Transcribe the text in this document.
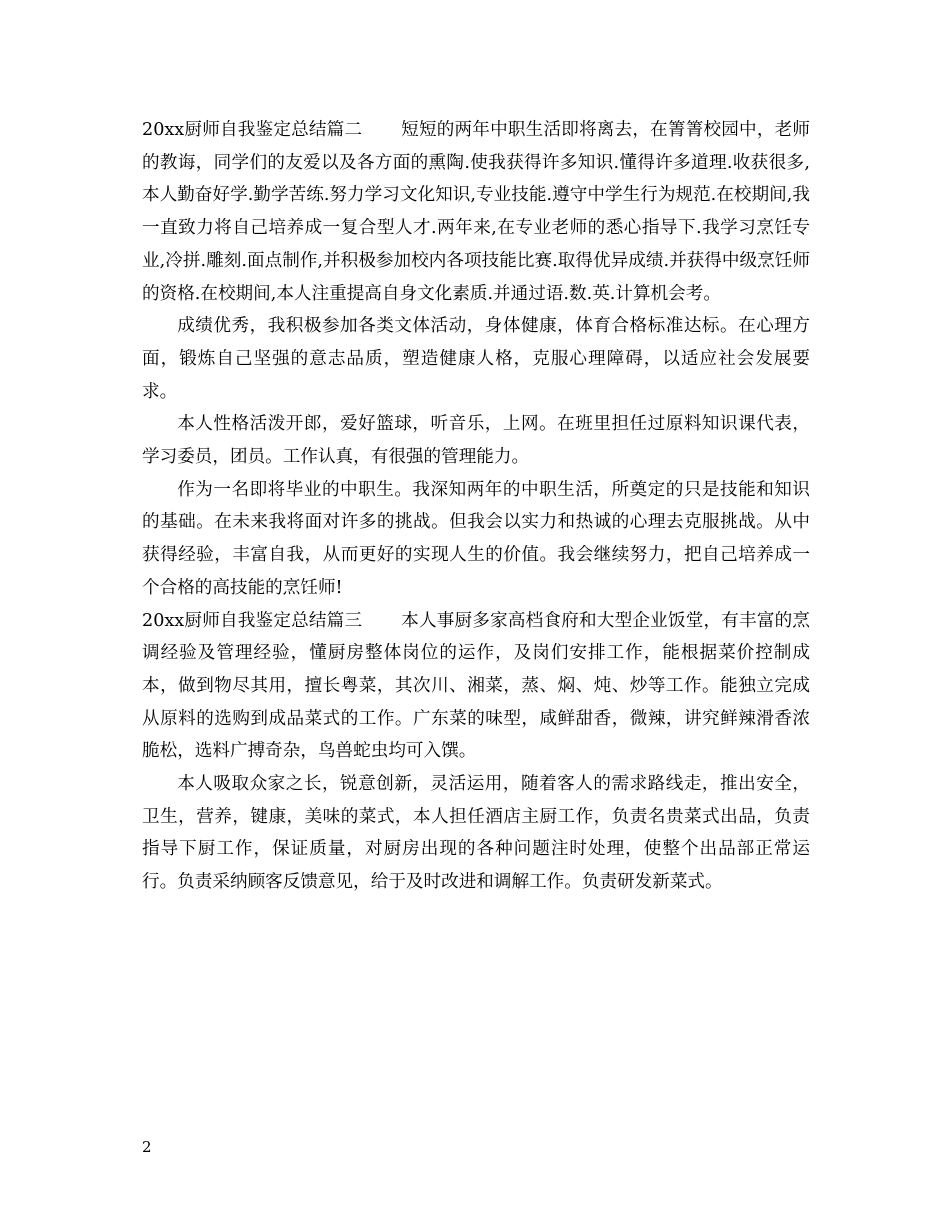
20xx厨师自我鉴定总结篇二 短短的两年中职生活即将离去，在箐箐校园中，老师的教诲，同学们的友爱以及各方面的熏陶.使我获得许多知识.懂得许多道理.收获很多,本人勤奋好学.勤学苦练.努力学习文化知识,专业技能.遵守中学生行为规范.在校期间,我一直致力将自己培养成一复合型人才.两年来,在专业老师的悉心指导下.我学习烹饪专业,冷拼.雕刻.面点制作,并积极参加校内各项技能比赛.取得优异成绩.并获得中级烹饪师的资格.在校期间,本人注重提高自身文化素质.并通过语.数.英.计算机会考。

成绩优秀，我积极参加各类文体活动，身体健康，体育合格标准达标。在心理方面，锻炼自己坚强的意志品质，塑造健康人格，克服心理障碍，以适应社会发展要求。

本人性格活泼开郎，爱好篮球，听音乐，上网。在班里担任过原料知识课代表，学习委员，团员。工作认真，有很强的管理能力。

作为一名即将毕业的中职生。我深知两年的中职生活，所奠定的只是技能和知识的基础。在未来我将面对许多的挑战。但我会以实力和热诚的心理去克服挑战。从中获得经验，丰富自我，从而更好的实现人生的价值。我会继续努力，把自己培养成一个合格的高技能的烹饪师!

20xx厨师自我鉴定总结篇三 本人事厨多家高档食府和大型企业饭堂，有丰富的烹调经验及管理经验，懂厨房整体岗位的运作，及岗们安排工作，能根据菜价控制成本，做到物尽其用，擅长粤菜，其次川、湘菜，蒸、焖、炖、炒等工作。能独立完成从原料的选购到成品菜式的工作。广东菜的味型，咸鲜甜香，微辣，讲究鲜辣滑香浓脆松，选料广搏奇杂，鸟兽蛇虫均可入馔。

本人吸取众家之长，锐意创新，灵活运用，随着客人的需求路线走，推出安全，卫生，营养，键康，美味的菜式，本人担任酒店主厨工作，负责名贵菜式出品，负责指导下厨工作，保证质量，对厨房出现的各种问题注时处理，使整个出品部正常运行。负责采纳顾客反馈意见，给于及时改进和调解工作。负责研发新菜式。

2
